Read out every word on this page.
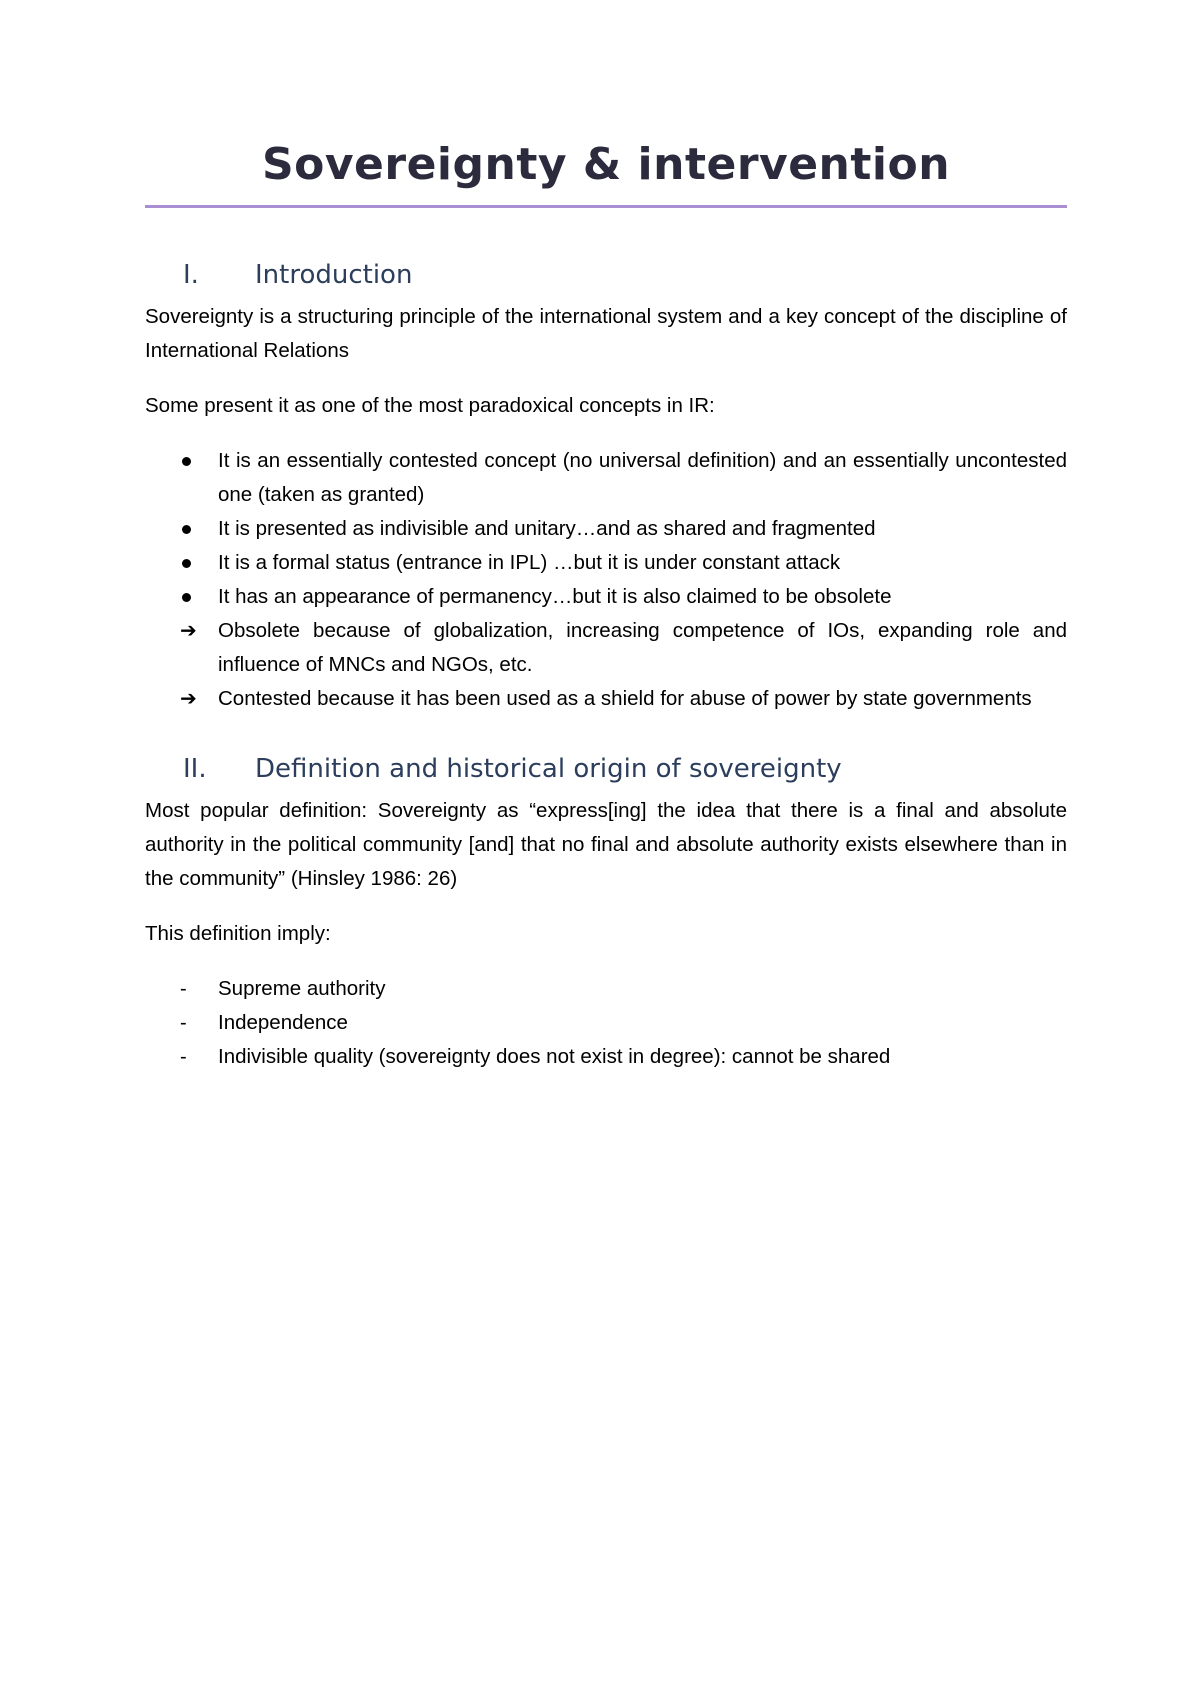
Sovereignty & intervention
I.	Introduction

Sovereignty is a structuring principle of the international system and a key concept of the discipline of International Relations

Some present it as one of the most paradoxical concepts in IR:

It is an essentially contested concept (no universal definition) and an essentially uncontested one (taken as granted)
It is presented as indivisible and unitary…and as shared and fragmented
It is a formal status (entrance in IPL) …but it is under constant attack
It has an appearance of permanency…but it is also claimed to be obsolete
➔	Obsolete because of globalization, increasing competence of IOs, expanding role and influence of MNCs and NGOs, etc.
➔	Contested because it has been used as a shield for abuse of power by state governments
II.	Definition and historical origin of sovereignty

Most popular definition: Sovereignty as “express[ing] the idea that there is a final and absolute authority in the political community [and] that no final and absolute authority exists elsewhere than in the community” (Hinsley 1986: 26)

This definition imply:

-	Supreme authority
-	Independence
-	Indivisible quality (sovereignty does not exist in degree): cannot be shared
